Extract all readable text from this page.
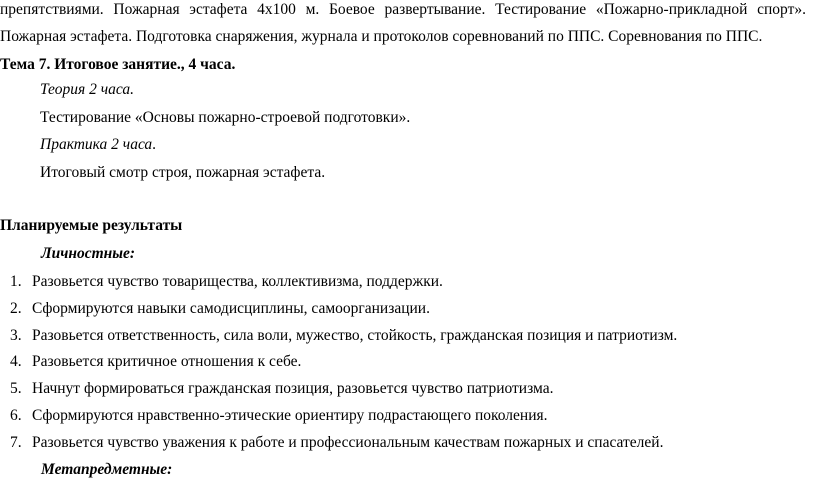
препятствиями. Пожарная эстафета 4х100 м. Боевое развертывание. Тестирование «Пожарно-прикладной спорт».
Пожарная эстафета. Подготовка снаряжения, журнала и протоколов соревнований по ППС. Соревнования по ППС.
Тема 7. Итоговое занятие., 4 часа.
Теория 2 часа.
Тестирование «Основы пожарно-строевой подготовки».
Практика 2 часа.
Итоговый смотр строя, пожарная эстафета.
Планируемые результаты
Личностные:
1. Разовьется чувство товарищества, коллективизма, поддержки.
2. Сформируются навыки самодисциплины, самоорганизации.
3. Разовьется ответственность, сила воли, мужество, стойкость, гражданская позиция и патриотизм.
4. Разовьется критичное отношения к себе.
5. Начнут формироваться гражданская позиция, разовьется чувство патриотизма.
6. Сформируются нравственно-этические ориентиру подрастающего поколения.
7. Разовьется чувство уважения к работе и профессиональным качествам пожарных и спасателей.
Метапредметные:
